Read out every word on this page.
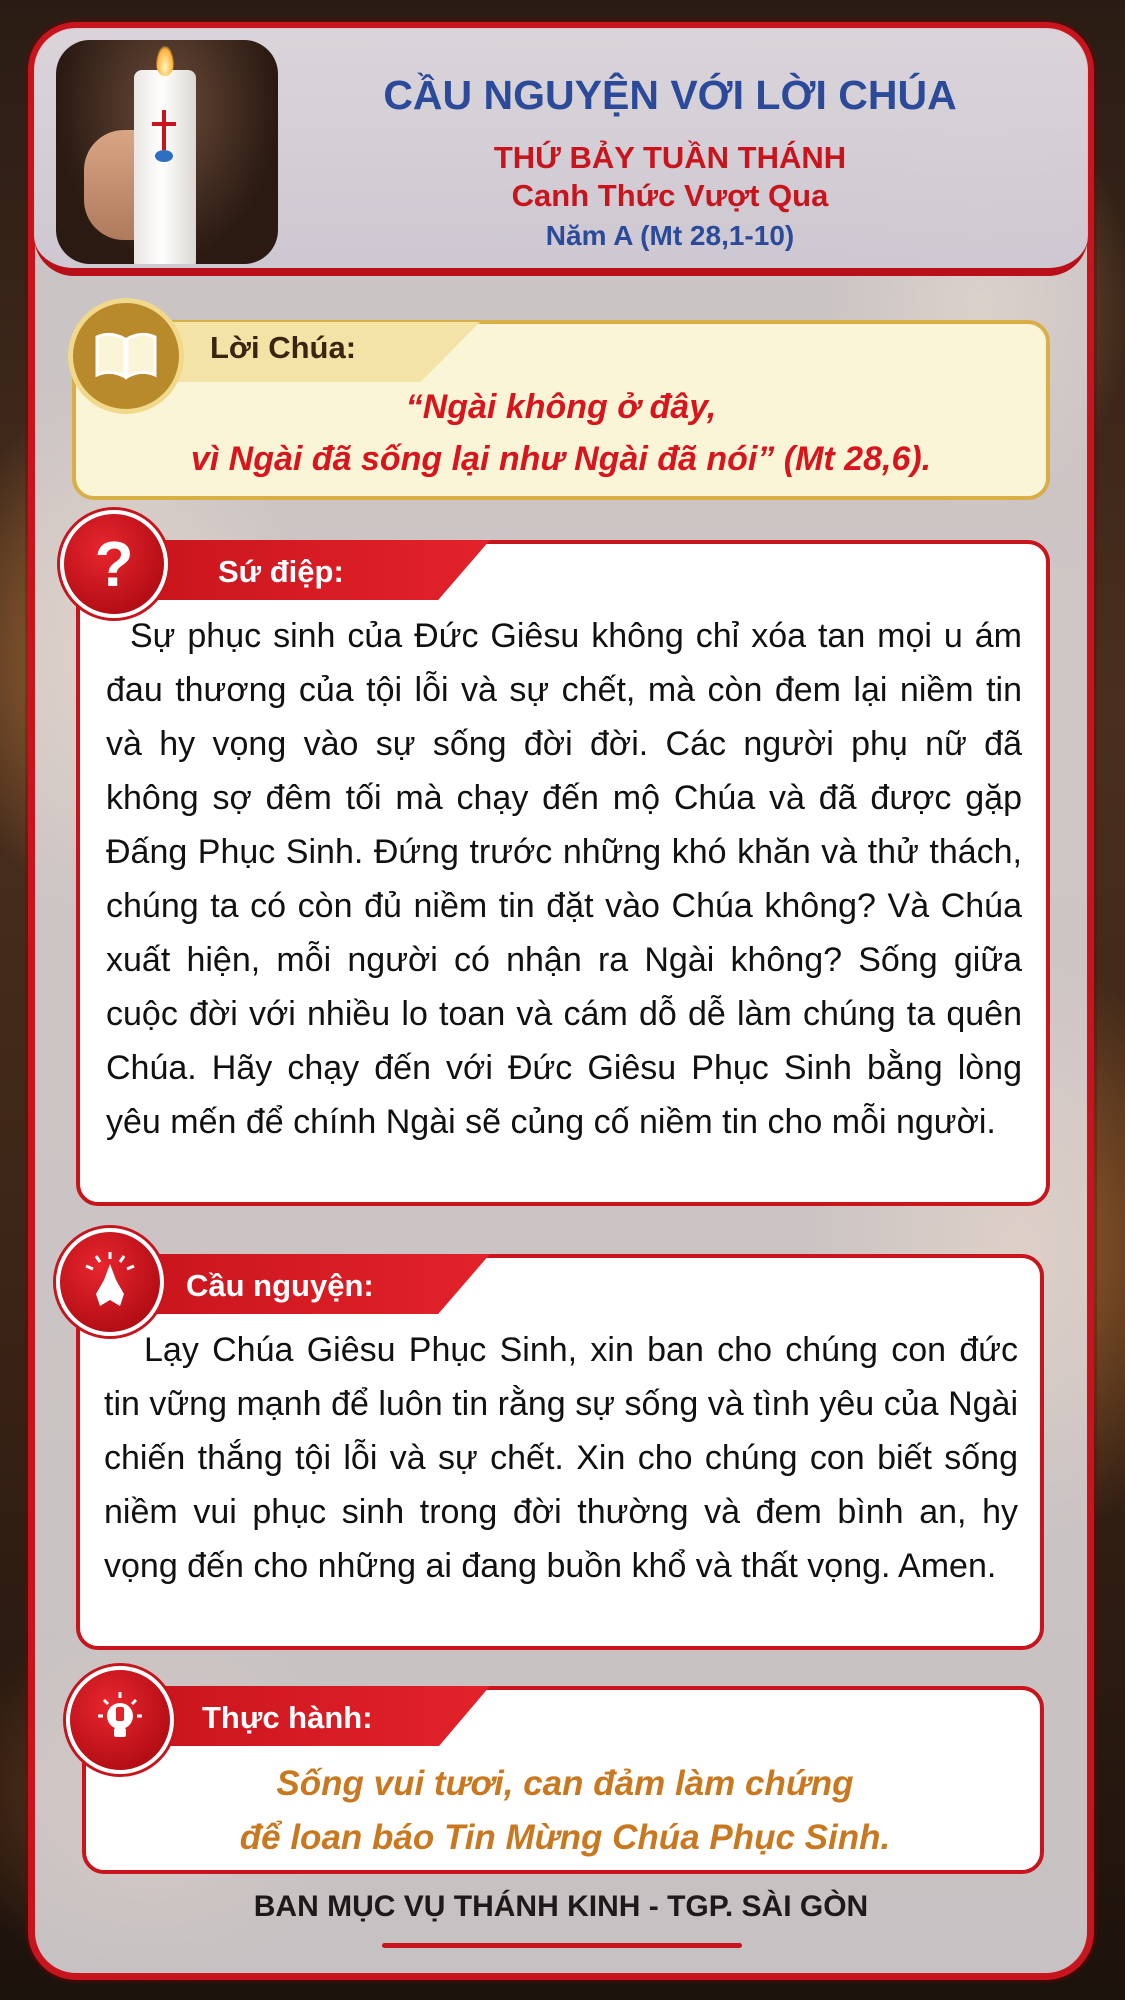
CẦU NGUYỆN VỚI LỜI CHÚA
THỨ BẢY TUẦN THÁNH
Canh Thức Vượt Qua
Năm A (Mt 28,1-10)
Lời Chúa:
“Ngài không ở đây,
vì Ngài đã sống lại như Ngài đã nói” (Mt 28,6).
?	Sứ điệp:
Sự phục sinh của Đức Giêsu không chỉ xóa tan mọi u ám đau thương của tội lỗi và sự chết, mà còn đem lại niềm tin và hy vọng vào sự sống đời đời. Các người phụ nữ đã không sợ đêm tối mà chạy đến mộ Chúa và đã được gặp Đấng Phục Sinh. Đứng trước những khó khăn và thử thách, chúng ta có còn đủ niềm tin đặt vào Chúa không? Và Chúa xuất hiện, mỗi người có nhận ra Ngài không? Sống giữa cuộc đời với nhiều lo toan và cám dỗ dễ làm chúng ta quên Chúa. Hãy chạy đến với Đức Giêsu Phục Sinh bằng lòng yêu mến để chính Ngài sẽ củng cố niềm tin cho mỗi người.
Cầu nguyện:
Lạy Chúa Giêsu Phục Sinh, xin ban cho chúng con đức tin vững mạnh để luôn tin rằng sự sống và tình yêu của Ngài chiến thắng tội lỗi và sự chết. Xin cho chúng con biết sống niềm vui phục sinh trong đời thường và đem bình an, hy vọng đến cho những ai đang buồn khổ và thất vọng. Amen.
Thực hành:
Sống vui tươi, can đảm làm chứng
để loan báo Tin Mừng Chúa Phục Sinh.
BAN MỤC VỤ THÁNH KINH - TGP. SÀI GÒN
